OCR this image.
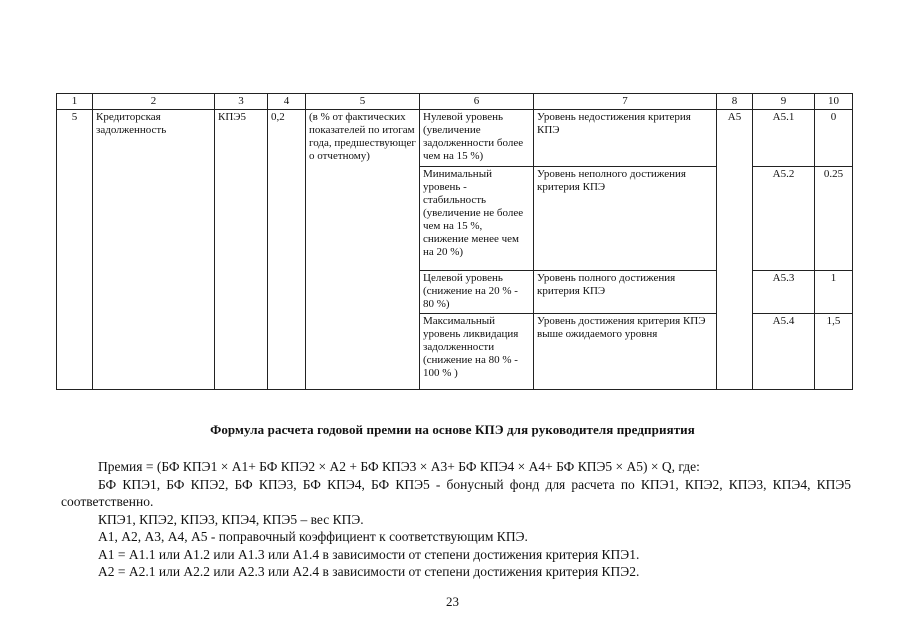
1	2	3	4	5	6	7	8	9	10
5	Кредиторская задолженность	КПЭ5	0,2	(в % от фактических показателей по итогам года, предшествующег о отчетному)	Нулевой уровень (увеличение задолженности более чем на 15 %)	Уровень недостижения критерия КПЭ	А5	А5.1	0
					Минимальный уровень - стабильность (увеличение не более чем на 15 %, снижение менее чем на 20 %)	Уровень неполного достижения критерия КПЭ		А5.2	0.25
					Целевой уровень (снижение на 20 % - 80 %)	Уровень полного достижения критерия КПЭ		А5.3	1
					Максимальный уровень ликвидация задолженности (снижение на 80 % - 100 % )	Уровень достижения критерия КПЭ выше ожидаемого уровня		А5.4	1,5
Формула расчета годовой премии на основе КПЭ для руководителя предприятия

Премия = (БФ КПЭ1 × А1+ БФ КПЭ2 × А2 + БФ КПЭ3 × А3+ БФ КПЭ4 × А4+ БФ КПЭ5 × А5) × Q, где:

БФ КПЭ1, БФ КПЭ2, БФ КПЭ3, БФ КПЭ4, БФ КПЭ5 - бонусный фонд для расчета по КПЭ1, КПЭ2, КПЭ3, КПЭ4, КПЭ5 соответственно.

КПЭ1, КПЭ2, КПЭ3, КПЭ4, КПЭ5 – вес КПЭ.

А1, А2, А3, А4, А5 - поправочный коэффициент к соответствующим КПЭ.

А1 = А1.1 или А1.2 или А1.3 или А1.4 в зависимости от степени достижения критерия КПЭ1.

А2 = А2.1 или А2.2 или А2.3 или А2.4 в зависимости от степени достижения критерия КПЭ2.

23
